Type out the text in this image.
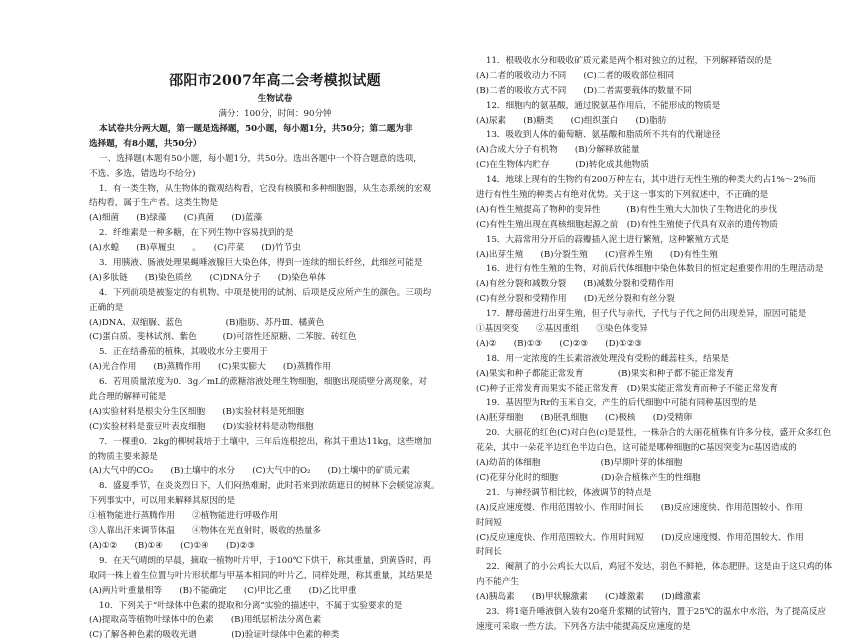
邵阳市2007年高二会考模拟试题
生物试卷
满分：100分，时间：90分钟
本试卷共分两大题，第一题是选择题，50小题，每小题1分，共50分；第二题为非
选择题，有8小题，共50分）
一、选择题(本题有50小题，每小题1分，共50分。选出各题中一个符合题意的选项，
不选、多选，错选均不给分)
1．有一类生物，从生物体的微观结构看，它没有核膜和多种细胞器，从生态系统的宏观
结构看，属于生产者。这类生物是
(A)细菌　　(B)绿藻　　(C)真菌　　(D)蓝藻
2．纤维素是一种多糖，在下列生物中容易找到的是
(A)水螅　　(B)草履虫　　。　　(C)芹菜　　(D)竹节虫
3．用胰液、肠液处理果蝇唾液腺巨大染色体，得到一连续的细长纤丝，此细丝可能是
(A)多肽链　　(B)染色质丝　　(C)DNA分子　　(D)染色单体
4．下列前项是被鉴定的有机物、中项是使用的试剂、后项是反应所产生的颜色。三项均
正确的是
(A)DNA、双缩脲、蓝色　　　　　(B)脂肪、苏丹Ⅲ、橘黄色
(C)蛋白质、斐林试剂、紫色　　　(D)可溶性还原糖、二苯胺、砖红色
5．正在结番茄的植株，其吸收水分主要用于
(A)光合作用　　(B)蒸腾作用　　(C)果实膨大　　(D)蒸腾作用
6．若用质量浓度为0．3g／mL的蔗糖溶液处理生物细胞，细胞出现质壁分离现象，对
此合理的解释可能是
(A)实验材料是根尖分生区细胞　　(B)实验材料是死细胞
(C)实验材料是蚕豆叶表皮细胞　　(D)实验材料是动物细胞
7．一棵重0．2kg的柳树栽培于土壤中，三年后连根挖出，称其干重达11kg，这些增加
的物质主要来源是
(A)大气中的CO₂　　(B)土壤中的水分　　(C)大气中的O₂　　(D)土壤中的矿质元素
8．盛夏季节，在炎炎烈日下，人们闷热难耐，此时若来到浓荫遮日的树林下会顿觉凉爽。
下列事实中，可以用来解释其原因的是
①植物能进行蒸腾作用　　②植物能进行呼吸作用
③人靠出汗来调节体温　　④物体在光直射时，吸收的热量多
(A)①②　　(B)①④　　(C)①④　　(D)②③
9．在天气晴朗的早晨，摘取一植物叶片甲，于100℃下烘干，称其重量，到黄昏时，再
取同一株上着生位置与叶片形状都与甲基本相同的叶片乙，同样处理，称其重量，其结果是
(A)两片叶重量相等　　(B)不能确定　　(C)甲比乙重　　(D)乙比甲重
10．下列关于“叶绿体中色素的提取和分离”实验的描述中，不属于实验要求的是
(A)提取高等植物叶绿体中的色素　　(B)用纸层析法分离色素
(C)了解各种色素的吸收光谱　　　　(D)验证叶绿体中色素的种类
11．根吸收水分和吸收矿质元素是两个相对独立的过程，下列解释错误的是
(A)二者的吸收动力不同　　(C)二者的吸收部位相同
(B)二者的吸收方式不同　　(D)二者需要载体的数量不同
12．细胞内的氨基酸，通过脱氨基作用后，不能形成的物质是
(A)尿素　　(B)糖类　　(C)组织蛋白　　(D)脂肪
13．吸收到人体的葡萄糖、氨基酸和脂质所不共有的代谢途径
(A)合成大分子有机物　　(B)分解释放能量
(C)在生物体内贮存　　　(D)转化成其他物质
14．地球上现有的生物约有200万种左右，其中进行无性生殖的种类大约占1%～2%而
进行有性生殖的种类占有绝对优势。关于这一事实的下列叙述中，不正确的是
(A)有性生殖提高了物种的变异性　　　(B)有性生殖大大加快了生物进化的步伐
(C)有性生殖出现在真核细胞起源之前　(D)有性生殖使子代具有双亲的遗传物质
15．大蒜常用分开后的蒜瓣插入泥土进行繁殖，这种繁殖方式是
(A)出芽生殖　　(B)分裂生殖　　(C)营养生殖　　(D)有性生殖
16．进行有性生殖的生物，对前后代体细胞中染色体数目的恒定起重要作用的生理活动是
(A)有丝分裂和减数分裂　　(B)减数分裂和受精作用
(C)有丝分裂和受精作用　　(D)无丝分裂和有丝分裂
17．酵母菌进行出芽生殖，但子代与亲代，子代与子代之间仍出现差异，原因可能是
①基因突变　　②基因重组　　③染色体变异
(A)②　　(B)①③　　(C)②③　　(D)①②③
18．用一定浓度的生长素溶液处理没有受粉的雌蕊柱头，结果是
(A)果实和种子都能正常发育　　　　(B)果实和种子都不能正常发育
(C)种子正常发育而果实不能正常发育　(D)果实能正常发育而种子不能正常发育
19．基因型为Rr的玉米自交，产生的后代细胞中可能有同种基因型的是
(A)胚芽细胞　　(B)胚乳细胞　　(C)极核　　(D)受精卵
20．大丽花的红色(C)对白色(c)是显性，一株杂合的大丽花植株有许多分枝，盛开众多红色
花朵，其中一朵花半边红色半边白色，这可能是哪种细胞的C基因突变为c基因造成的
(A)幼苗的体细胞　　　　　　　(B)早期叶芽的体细胞
(C)花芽分化时的细胞　　　　　(D)杂合植株产生的性细胞
21．与神经调节相比较，体液调节的特点是
(A)反应速度慢、作用范围较小、作用时间长　　(B)反应速度快、作用范围较小、作用
时间短
(C)反应速度快、作用范围较大、作用时间短　　(D)反应速度慢、作用范围较大、作用
时间长
22．阉割了的小公鸡长大以后，鸡冠不发达，羽色不鲜艳，体态肥胖。这是由于这只鸡的体
内不能产生
(A)胰岛素　　(B)甲状腺激素　　(C)雄激素　　(D)雌激素
23．将1毫升唾液倒入装有20毫升浆糊的试管内，置于25℃的温水中水浴，为了提高反应
速度可采取一些方法。下列各方法中能提高反应速度的是
